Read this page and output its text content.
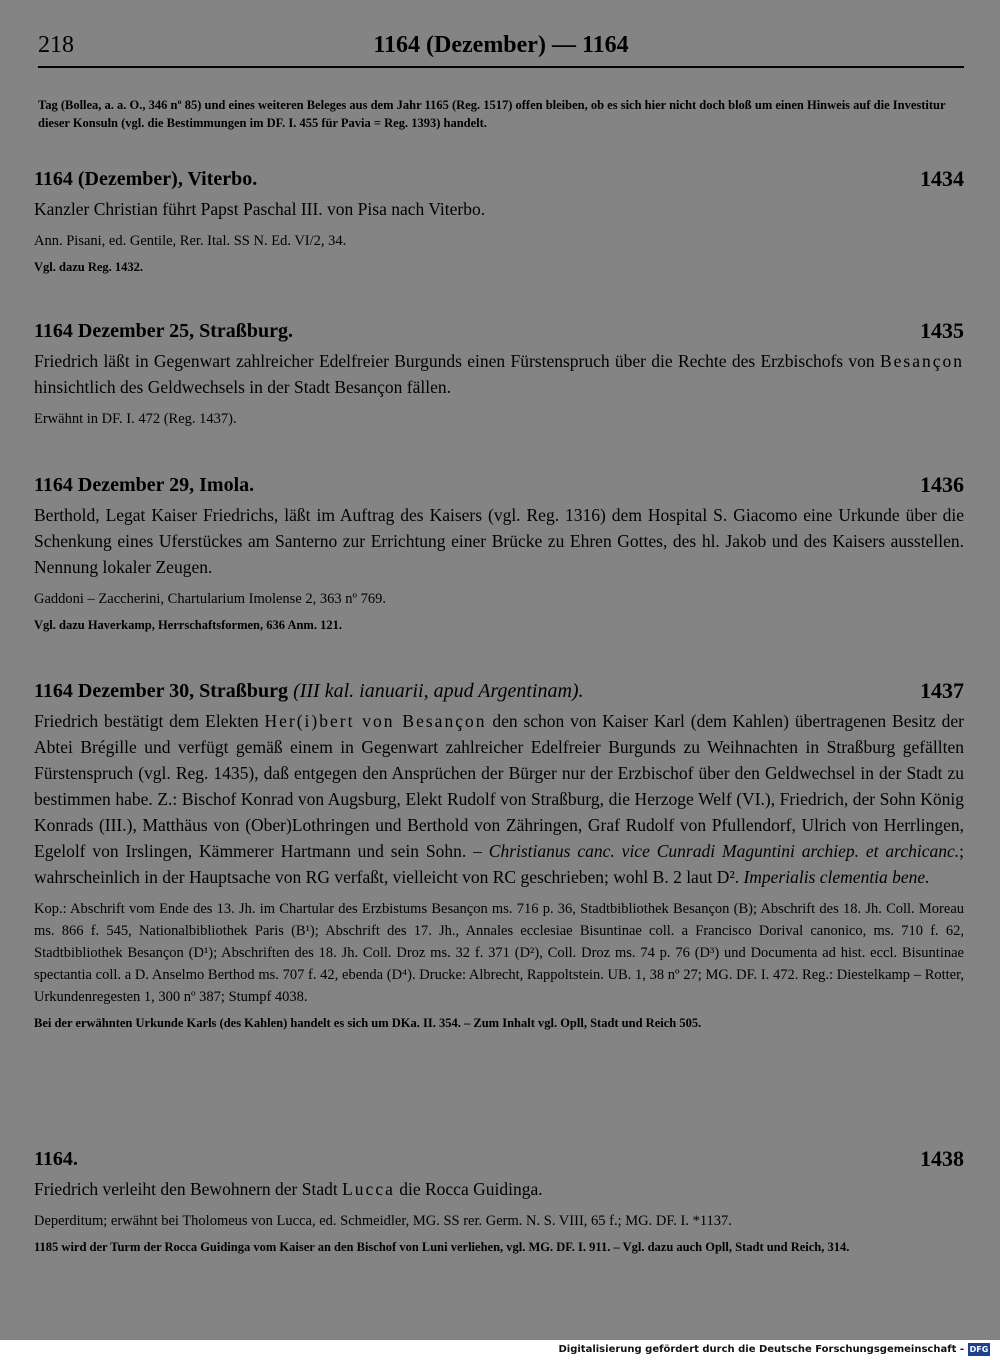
218	1164 (Dezember) — 1164
Tag (Bollea, a. a. O., 346 nº 85) und eines weiteren Beleges aus dem Jahr 1165 (Reg. 1517) offen bleiben, ob es sich hier nicht doch bloß um einen Hinweis auf die Investitur dieser Konsuln (vgl. die Bestimmungen im DF. I. 455 für Pavia = Reg. 1393) handelt.
1164 (Dezember), Viterbo.	1434
Kanzler Christian führt Papst Paschal III. von Pisa nach Viterbo.
Ann. Pisani, ed. Gentile, Rer. Ital. SS N. Ed. VI/2, 34.
Vgl. dazu Reg. 1432.
1164 Dezember 25, Straßburg.	1435
Friedrich läßt in Gegenwart zahlreicher Edelfreier Burgunds einen Fürstenspruch über die Rechte des Erzbischofs von Besançon hinsichtlich des Geldwechsels in der Stadt Besançon fällen.
Erwähnt in DF. I. 472 (Reg. 1437).
1164 Dezember 29, Imola.	1436
Berthold, Legat Kaiser Friedrichs, läßt im Auftrag des Kaisers (vgl. Reg. 1316) dem Hospital S. Giacomo eine Urkunde über die Schenkung eines Uferstückes am Santerno zur Errichtung einer Brücke zu Ehren Gottes, des hl. Jakob und des Kaisers ausstellen. Nennung lokaler Zeugen.
Gaddoni – Zaccherini, Chartularium Imolense 2, 363 nº 769.
Vgl. dazu Haverkamp, Herrschaftsformen, 636 Anm. 121.
1164 Dezember 30, Straßburg (III kal. ianuarii, apud Argentinam).	1437
Friedrich bestätigt dem Elekten Her(i)bert von Besançon den schon von Kaiser Karl (dem Kahlen) übertragenen Besitz der Abtei Brégille und verfügt gemäß einem in Gegenwart zahlreicher Edelfreier Burgunds zu Weihnachten in Straßburg gefällten Fürstenspruch (vgl. Reg. 1435), daß entgegen den Ansprüchen der Bürger nur der Erzbischof über den Geldwechsel in der Stadt zu bestimmen habe. Z.: Bischof Konrad von Augsburg, Elekt Rudolf von Straßburg, die Herzoge Welf (VI.), Friedrich, der Sohn König Konrads (III.), Matthäus von (Ober)Lothringen und Berthold von Zähringen, Graf Rudolf von Pfullendorf, Ulrich von Herrlingen, Egelolf von Irslingen, Kämmerer Hartmann und sein Sohn. – Christianus canc. vice Cunradi Maguntini archiep. et archicanc.; wahrscheinlich in der Hauptsache von RG verfaßt, vielleicht von RC geschrieben; wohl B. 2 laut D². Imperialis clementia bene.
Kop.: Abschrift vom Ende des 13. Jh. im Chartular des Erzbistums Besançon ms. 716 p. 36, Stadtbibliothek Besançon (B); Abschrift des 18. Jh. Coll. Moreau ms. 866 f. 545, Nationalbibliothek Paris (B¹); Abschrift des 17. Jh., Annales ecclesiae Bisuntinae coll. a Francisco Dorival canonico, ms. 710 f. 62, Stadtbibliothek Besançon (D¹); Abschriften des 18. Jh. Coll. Droz ms. 32 f. 371 (D²), Coll. Droz ms. 74 p. 76 (D³) und Documenta ad hist. eccl. Bisuntinae spectantia coll. a D. Anselmo Berthod ms. 707 f. 42, ebenda (D⁴). Drucke: Albrecht, Rappoltstein. UB. 1, 38 nº 27; MG. DF. I. 472. Reg.: Diestelkamp – Rotter, Urkundenregesten 1, 300 nº 387; Stumpf 4038.
Bei der erwähnten Urkunde Karls (des Kahlen) handelt es sich um DKa. II. 354. – Zum Inhalt vgl. Opll, Stadt und Reich 505.
1164.	1438
Friedrich verleiht den Bewohnern der Stadt Lucca die Rocca Guidinga.
Deperditum; erwähnt bei Tholomeus von Lucca, ed. Schmeidler, MG. SS rer. Germ. N. S. VIII, 65 f.; MG. DF. I. *1137.
1185 wird der Turm der Rocca Guidinga vom Kaiser an den Bischof von Luni verliehen, vgl. MG. DF. I. 911. – Vgl. dazu auch Opll, Stadt und Reich, 314.
Digitalisierung gefördert durch die Deutsche Forschungsgemeinschaft - DFG
